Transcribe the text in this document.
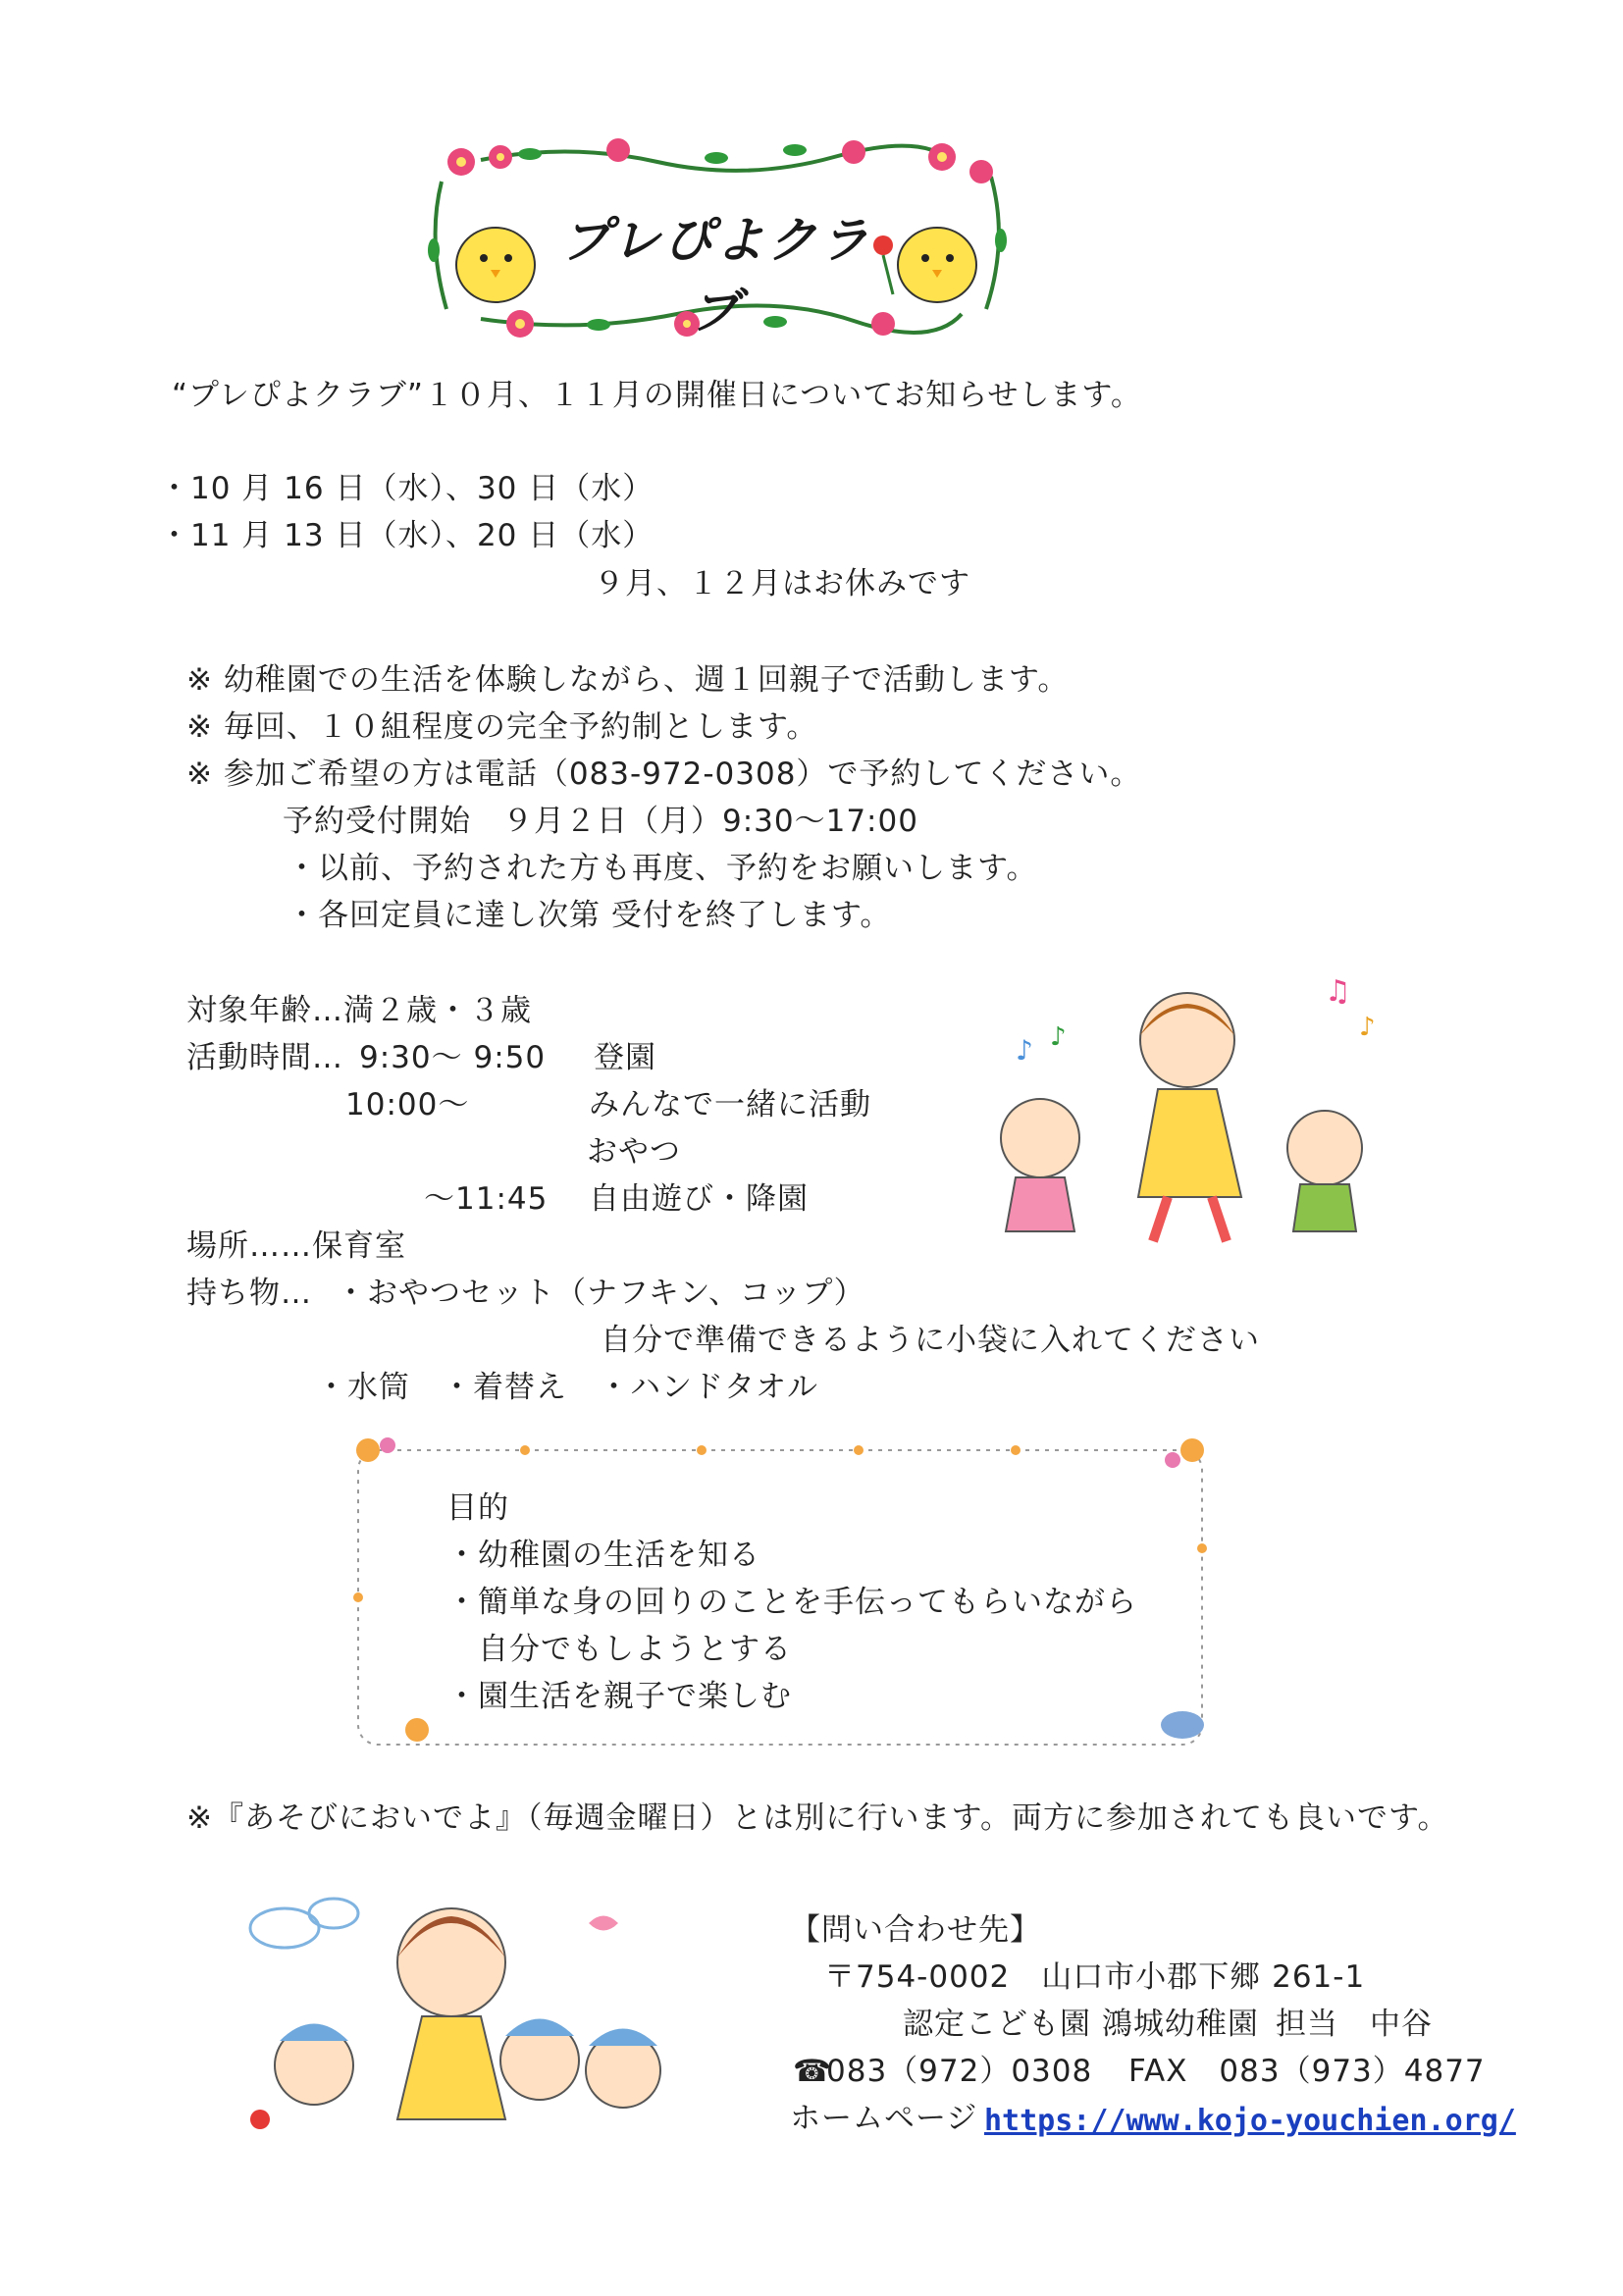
プレぴよクラブ
“プレぴよクラブ”１０月、１１月の開催日についてお知らせします。
・10 月 16 日（水）、30 日（水）
・11 月 13 日（水）、20 日（水）
９月、１２月はお休みです
※ 幼稚園での生活を体験しながら、週１回親子で活動します。
※ 毎回、１０組程度の完全予約制とします。
※ 参加ご希望の方は電話（083-972-0308）で予約してください。
予約受付開始　９月２日（月）9:30〜17:00
・以前、予約された方も再度、予約をお願いします。
・各回定員に達し次第 受付を終了します。
対象年齢…満２歳・３歳
活動時間… 9:30〜 9:50 登園
10:00〜	みんなで一緒に活動
おやつ
〜11:45 自由遊び・降園
場所……保育室
持ち物… ・おやつセット（ナフキン、コップ）
自分で準備できるように小袋に入れてください
・水筒　・着替え　・ハンドタオル
♪ ♪
♫
♪
目的
・幼稚園の生活を知る
・簡単な身の回りのことを手伝ってもらいながら
　自分でもしようとする
・園生活を親子で楽しむ
※『あそびにおいでよ』（毎週金曜日）とは別に行います。両方に参加されても良いです。
【問い合わせ先】
〒754-0002　山口市小郡下郷 261-1
認定こども園 鴻城幼稚園 担当　中谷
☎
083（972）0308 FAX　083（973）4877
ホームページ https://www.kojo-youchien.org/
